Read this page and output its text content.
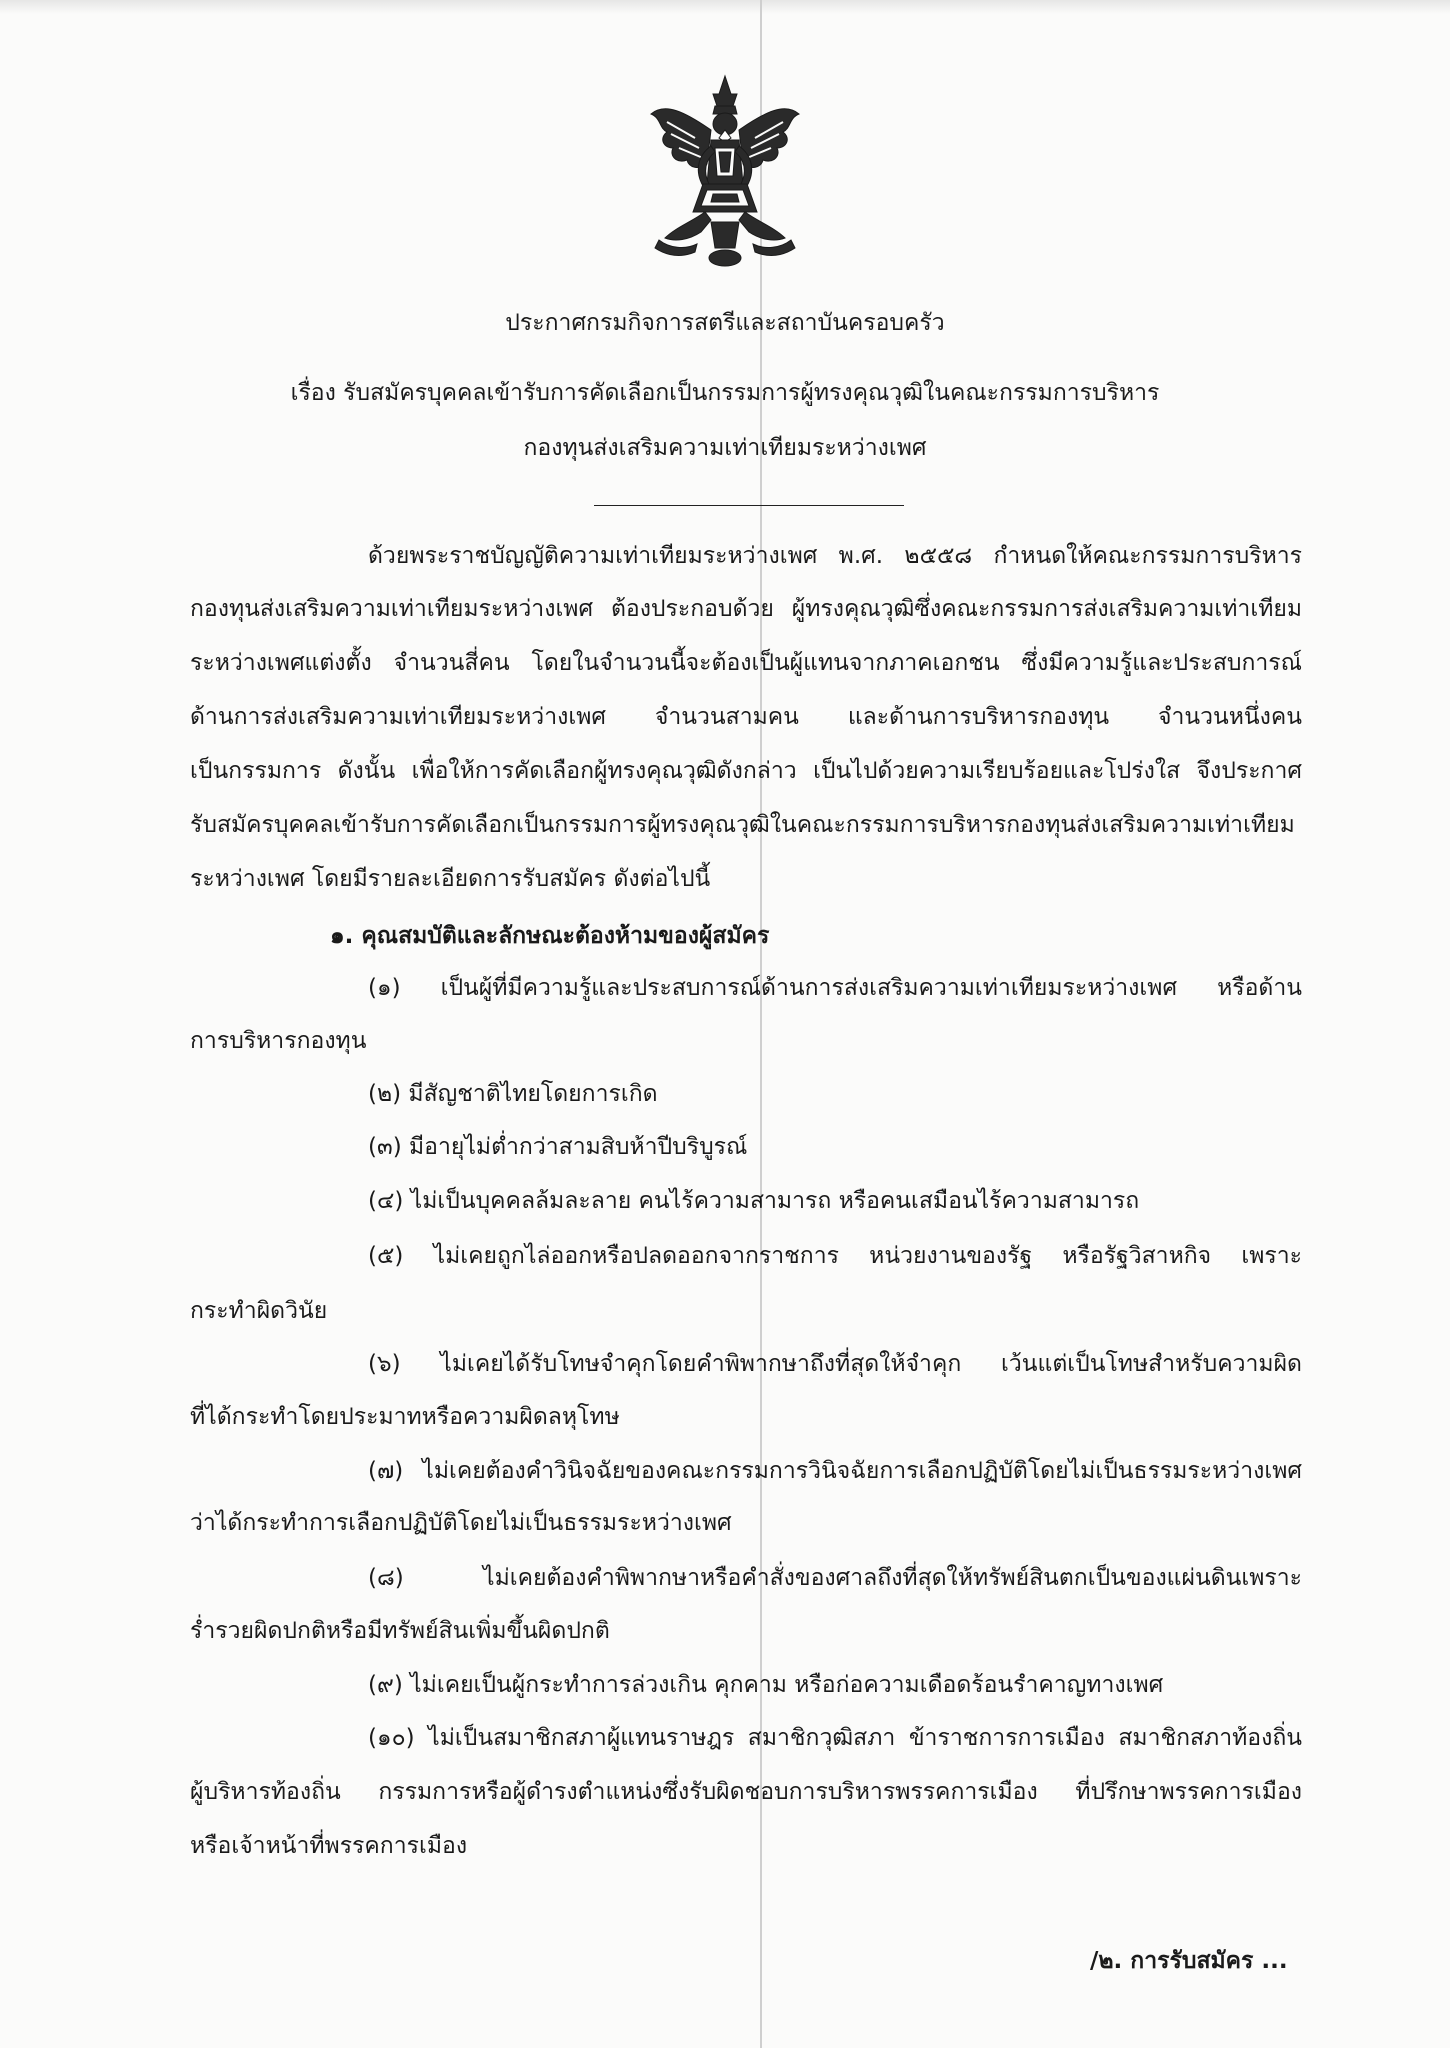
ประกาศกรมกิจการสตรีและสถาบันครอบครัว
เรื่อง รับสมัครบุคคลเข้ารับการคัดเลือกเป็นกรรมการผู้ทรงคุณวุฒิในคณะกรรมการบริหาร
กองทุนส่งเสริมความเท่าเทียมระหว่างเพศ
ด้วยพระราชบัญญัติความเท่าเทียมระหว่างเพศ พ.ศ. ๒๕๕๘ กำหนดให้คณะกรรมการบริหาร
กองทุนส่งเสริมความเท่าเทียมระหว่างเพศ ต้องประกอบด้วย ผู้ทรงคุณวุฒิซึ่งคณะกรรมการส่งเสริมความเท่าเทียม
ระหว่างเพศแต่งตั้ง จำนวนสี่คน โดยในจำนวนนี้จะต้องเป็นผู้แทนจากภาคเอกชน ซึ่งมีความรู้และประสบการณ์
ด้านการส่งเสริมความเท่าเทียมระหว่างเพศ จำนวนสามคน และด้านการบริหารกองทุน จำนวนหนึ่งคน
เป็นกรรมการ ดังนั้น เพื่อให้การคัดเลือกผู้ทรงคุณวุฒิดังกล่าว เป็นไปด้วยความเรียบร้อยและโปร่งใส จึงประกาศ
รับสมัครบุคคลเข้ารับการคัดเลือกเป็นกรรมการผู้ทรงคุณวุฒิในคณะกรรมการบริหารกองทุนส่งเสริมความเท่าเทียม
ระหว่างเพศ โดยมีรายละเอียดการรับสมัคร ดังต่อไปนี้
๑. คุณสมบัติและลักษณะต้องห้ามของผู้สมัคร
(๑) เป็นผู้ที่มีความรู้และประสบการณ์ด้านการส่งเสริมความเท่าเทียมระหว่างเพศ หรือด้าน
การบริหารกองทุน
(๒) มีสัญชาติไทยโดยการเกิด
(๓) มีอายุไม่ต่ำกว่าสามสิบห้าปีบริบูรณ์
(๔) ไม่เป็นบุคคลล้มละลาย คนไร้ความสามารถ หรือคนเสมือนไร้ความสามารถ
(๕) ไม่เคยถูกไล่ออกหรือปลดออกจากราชการ หน่วยงานของรัฐ หรือรัฐวิสาหกิจ เพราะ
กระทำผิดวินัย
(๖) ไม่เคยได้รับโทษจำคุกโดยคำพิพากษาถึงที่สุดให้จำคุก เว้นแต่เป็นโทษสำหรับความผิด
ที่ได้กระทำโดยประมาทหรือความผิดลหุโทษ
(๗) ไม่เคยต้องคำวินิจฉัยของคณะกรรมการวินิจฉัยการเลือกปฏิบัติโดยไม่เป็นธรรมระหว่างเพศ
ว่าได้กระทำการเลือกปฏิบัติโดยไม่เป็นธรรมระหว่างเพศ
(๘) ไม่เคยต้องคำพิพากษาหรือคำสั่งของศาลถึงที่สุดให้ทรัพย์สินตกเป็นของแผ่นดินเพราะ
ร่ำรวยผิดปกติหรือมีทรัพย์สินเพิ่มขึ้นผิดปกติ
(๙) ไม่เคยเป็นผู้กระทำการล่วงเกิน คุกคาม หรือก่อความเดือดร้อนรำคาญทางเพศ
(๑๐) ไม่เป็นสมาชิกสภาผู้แทนราษฎร สมาชิกวุฒิสภา ข้าราชการการเมือง สมาชิกสภาท้องถิ่น
ผู้บริหารท้องถิ่น กรรมการหรือผู้ดำรงตำแหน่งซึ่งรับผิดชอบการบริหารพรรคการเมือง ที่ปรึกษาพรรคการเมือง
หรือเจ้าหน้าที่พรรคการเมือง
/๒. การรับสมัคร ...
